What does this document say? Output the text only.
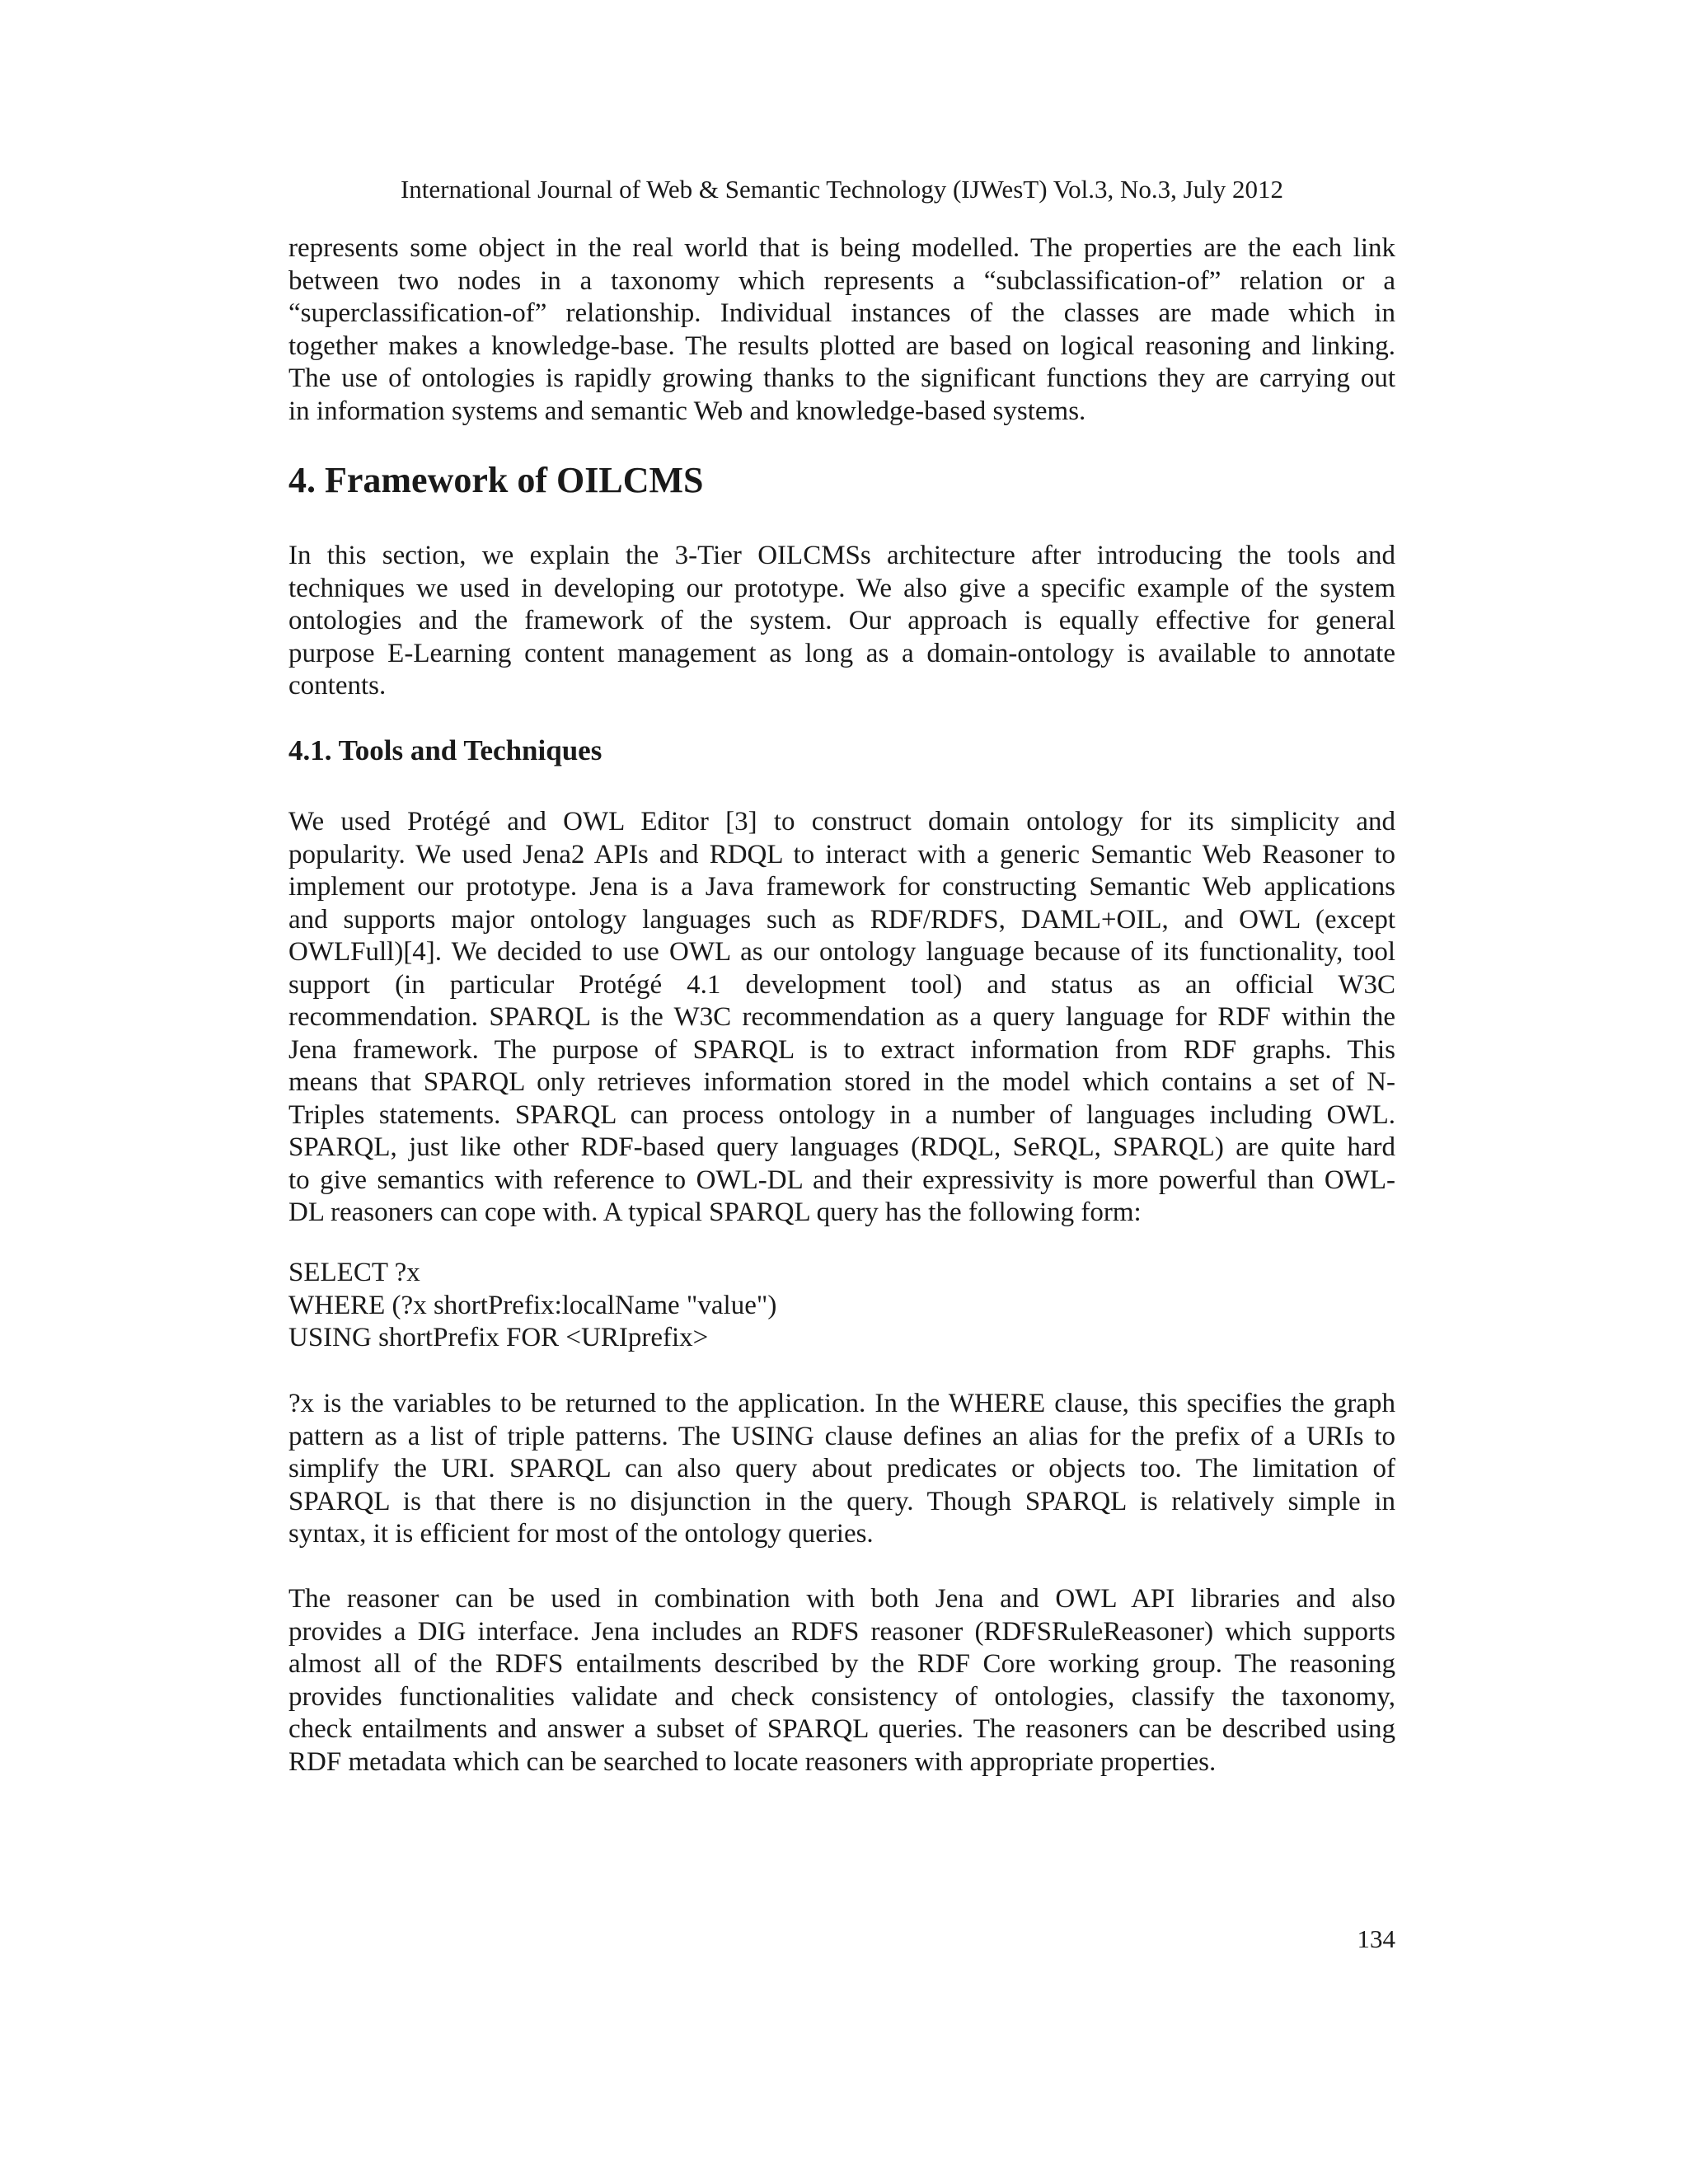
International Journal of Web & Semantic Technology (IJWesT) Vol.3, No.3, July 2012

represents some object in the real world that is being modelled. The properties are the each link
between two nodes in a taxonomy which represents a “subclassification-of” relation or a
“superclassification-of” relationship. Individual instances of the classes are made which in
together makes a knowledge-base. The results plotted are based on logical reasoning and linking.
The use of ontologies is rapidly growing thanks to the significant functions they are carrying out
in information systems and semantic Web and knowledge-based systems.

4. Framework of OILCMS

In this section, we explain the 3-Tier OILCMSs architecture after introducing the tools and
techniques we used in developing our prototype. We also give a specific example of the system
ontologies and the framework of the system. Our approach is equally effective for general
purpose E-Learning content management as long as a domain-ontology is available to annotate
contents.

4.1. Tools and Techniques

We used Protégé and OWL Editor [3] to construct domain ontology for its simplicity and
popularity. We used Jena2 APIs and RDQL to interact with a generic Semantic Web Reasoner to
implement our prototype. Jena is a Java framework for constructing Semantic Web applications
and supports major ontology languages such as RDF/RDFS, DAML+OIL, and OWL (except
OWLFull)[4]. We decided to use OWL as our ontology language because of its functionality, tool
support (in particular Protégé 4.1 development tool) and status as an official W3C
recommendation. SPARQL is the W3C recommendation as a query language for RDF within the
Jena framework. The purpose of SPARQL is to extract information from RDF graphs. This
means that SPARQL only retrieves information stored in the model which contains a set of N-
Triples statements. SPARQL can process ontology in a number of languages including OWL.
SPARQL, just like other RDF-based query languages (RDQL, SeRQL, SPARQL) are quite hard
to give semantics with reference to OWL-DL and their expressivity is more powerful than OWL-
DL reasoners can cope with. A typical SPARQL query has the following form:

SELECT ?x
WHERE (?x shortPrefix:localName "value")
USING shortPrefix FOR <URIprefix>

?x is the variables to be returned to the application. In the WHERE clause, this specifies the graph
pattern as a list of triple patterns. The USING clause defines an alias for the prefix of a URIs to
simplify the URI. SPARQL can also query about predicates or objects too. The limitation of
SPARQL is that there is no disjunction in the query. Though SPARQL is relatively simple in
syntax, it is efficient for most of the ontology queries.

The reasoner can be used in combination with both Jena and OWL API libraries and also
provides a DIG interface. Jena includes an RDFS reasoner (RDFSRuleReasoner) which supports
almost all of the RDFS entailments described by the RDF Core working group. The reasoning
provides functionalities validate and check consistency of ontologies, classify the taxonomy,
check entailments and answer a subset of SPARQL queries. The reasoners can be described using
RDF metadata which can be searched to locate reasoners with appropriate properties.

134
